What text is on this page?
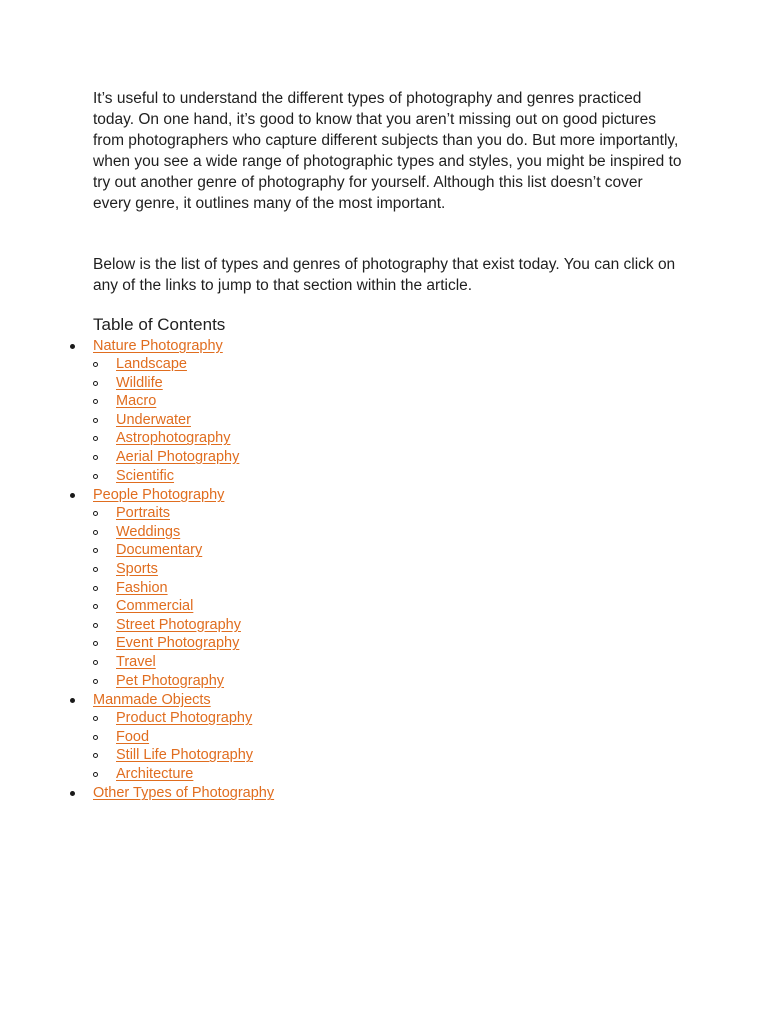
It’s useful to understand the different types of photography and genres practiced today. On one hand, it’s good to know that you aren’t missing out on good pictures from photographers who capture different subjects than you do. But more importantly, when you see a wide range of photographic types and styles, you might be inspired to try out another genre of photography for yourself. Although this list doesn’t cover every genre, it outlines many of the most important.

Below is the list of types and genres of photography that exist today. You can click on any of the links to jump to that section within the article.

Table of Contents
Nature Photography
Landscape
Wildlife
Macro
Underwater
Astrophotography
Aerial Photography
Scientific
People Photography
Portraits
Weddings
Documentary
Sports
Fashion
Commercial
Street Photography
Event Photography
Travel
Pet Photography
Manmade Objects
Product Photography
Food
Still Life Photography
Architecture
Other Types of Photography
